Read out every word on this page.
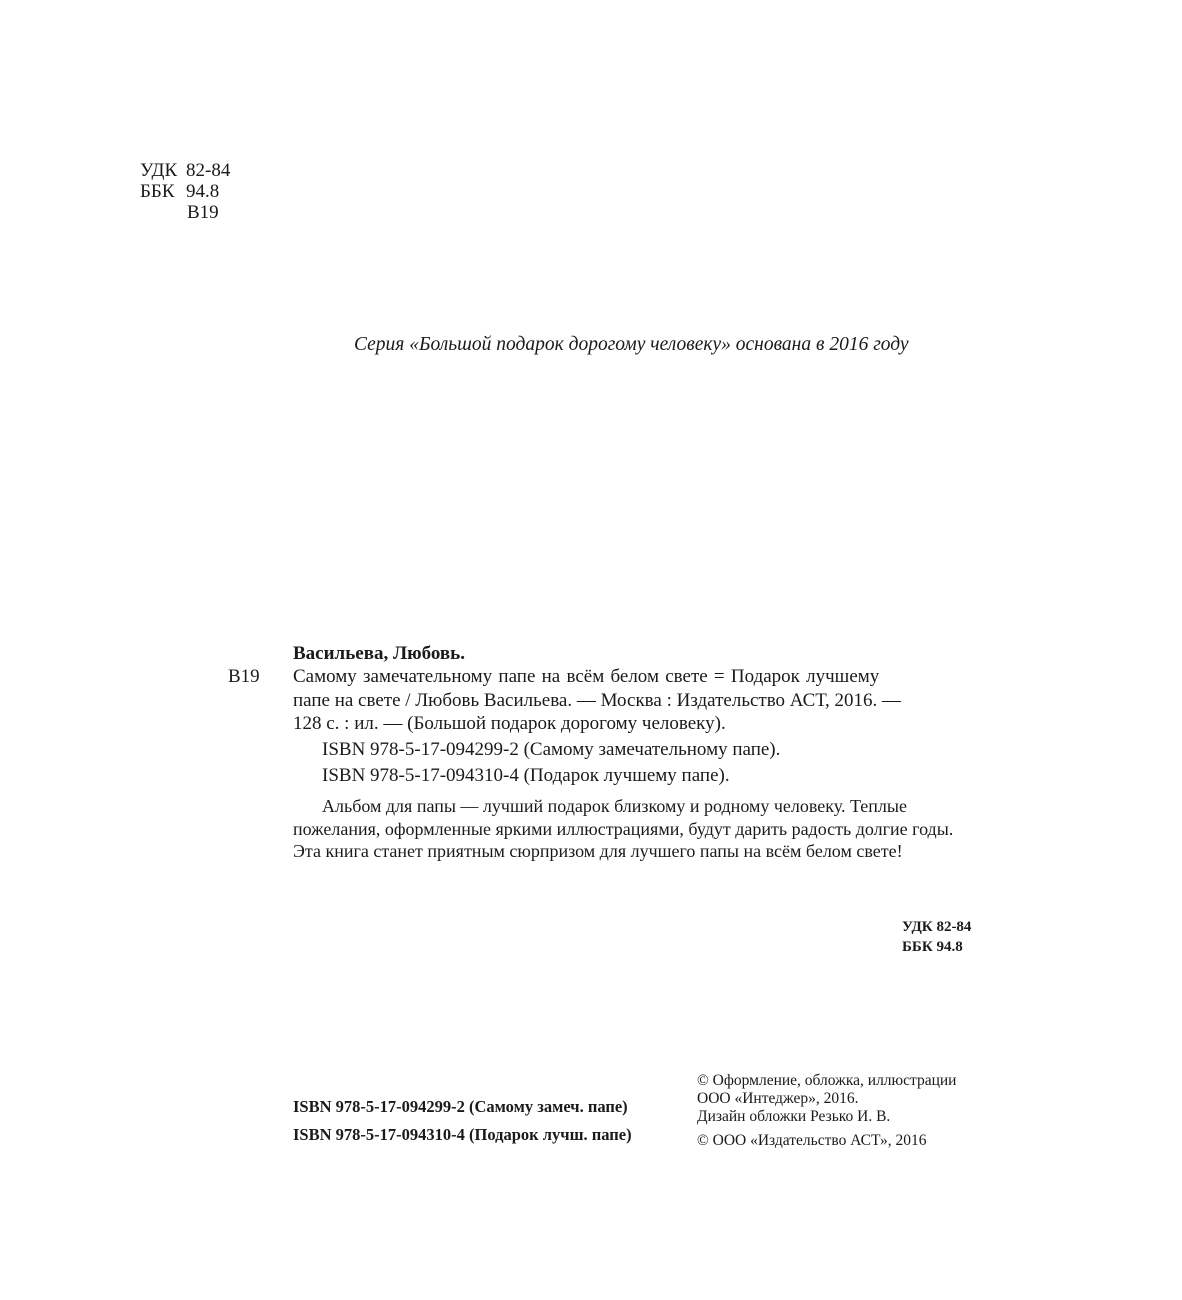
УДК 82-84
ББК 94.8
В19
Серия «Большой подарок дорогому человеку» основана в 2016 году
Васильева, Любовь.
В19 Самому замечательному папе на всём белом свете = Подарок лучшему
папе на свете / Любовь Васильева. — Москва : Издательство АСТ, 2016. —
128 с. : ил. — (Большой подарок дорогому человеку).
ISBN 978-5-17-094299-2 (Самому замечательному папе).
ISBN 978-5-17-094310-4 (Подарок лучшему папе).
Альбом для папы — лучший подарок близкому и родному человеку. Теплые
пожелания, оформленные яркими иллюстрациями, будут дарить радость долгие годы.
Эта книга станет приятным сюрпризом для лучшего папы на всём белом свете!
УДК 82-84
ББК 94.8
ISBN 978-5-17-094299-2 (Самому замеч. папе)
ISBN 978-5-17-094310-4 (Подарок лучш. папе)
© Оформление, обложка, иллюстрации
ООО «Интеджер», 2016.
Дизайн обложки Резько И. В.
© ООО «Издательство АСТ», 2016
